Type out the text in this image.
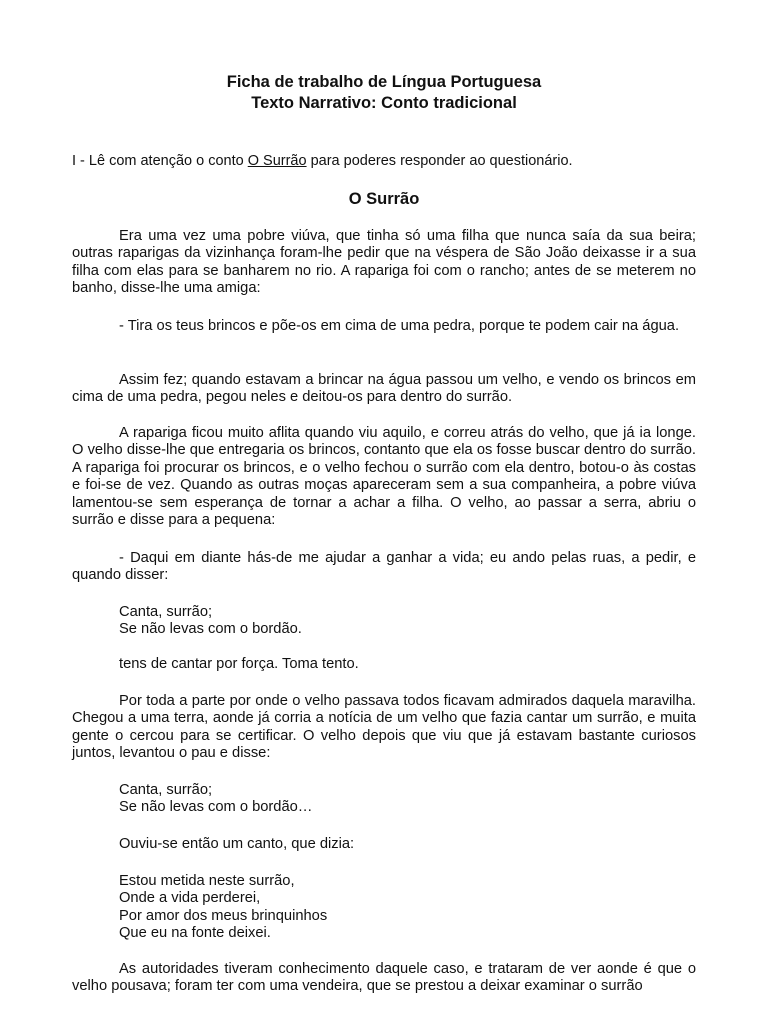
Ficha de trabalho de Língua Portuguesa
Texto Narrativo: Conto tradicional
I - Lê com atenção o conto O Surrão para poderes responder ao questionário.
O Surrão

Era uma vez uma pobre viúva, que tinha só uma filha que nunca saía da sua beira; outras raparigas da vizinhança foram-lhe pedir que na véspera de São João deixasse ir a sua filha com elas para se banharem no rio. A rapariga foi com o rancho; antes de se meterem no banho, disse-lhe uma amiga:

- Tira os teus brincos e põe-os em cima de uma pedra, porque te podem cair na água.

Assim fez; quando estavam a brincar na água passou um velho, e vendo os brincos em cima de uma pedra, pegou neles e deitou-os para dentro do surrão.

A rapariga ficou muito aflita quando viu aquilo, e correu atrás do velho, que já ia longe. O velho disse-lhe que entregaria os brincos, contanto que ela os fosse buscar dentro do surrão. A rapariga foi procurar os brincos, e o velho fechou o surrão com ela dentro, botou-o às costas e foi-se de vez. Quando as outras moças apareceram sem a sua companheira, a pobre viúva lamentou-se sem esperança de tornar a achar a filha. O velho, ao passar a serra, abriu o surrão e disse para a pequena:

- Daqui em diante hás-de me ajudar a ganhar a vida; eu ando pelas ruas, a pedir, e quando disser:

Canta, surrão;
Se não levas com o bordão.
tens de cantar por força. Toma tento.

Por toda a parte por onde o velho passava todos ficavam admirados daquela maravilha. Chegou a uma terra, aonde já corria a notícia de um velho que fazia cantar um surrão, e muita gente o cercou para se certificar. O velho depois que viu que já estavam bastante curiosos juntos, levantou o pau e disse:

Canta, surrão;
Se não levas com o bordão…
Ouviu-se então um canto, que dizia:
Estou metida neste surrão,
Onde a vida perderei,
Por amor dos meus brinquinhos
Que eu na fonte deixei.

As autoridades tiveram conhecimento daquele caso, e trataram de ver aonde é que o velho pousava; foram ter com uma vendeira, que se prestou a deixar examinar o surrão
